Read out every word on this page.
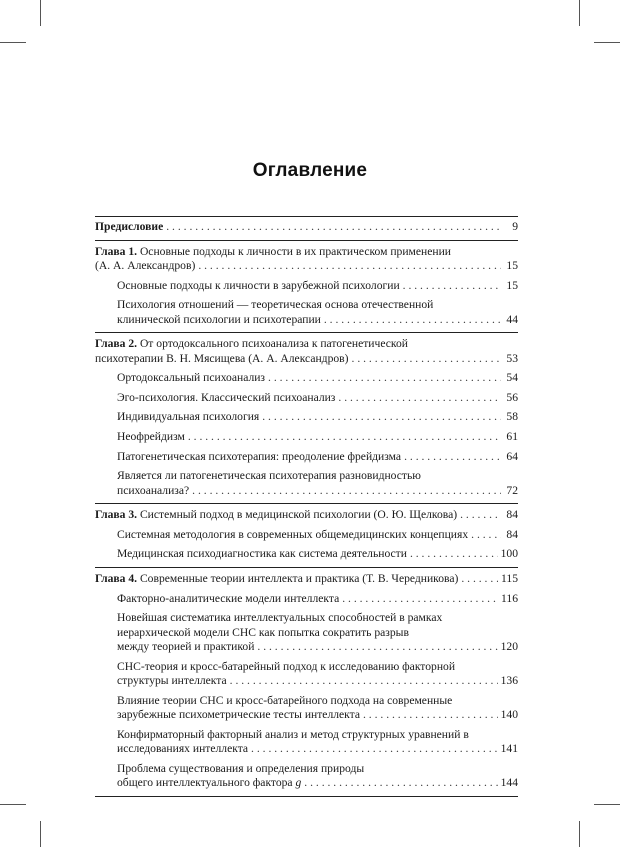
Оглавление
Предисловие . . .	9
Глава 1. Основные подходы к личности в их практическом применении
(А. А. Александров) . . .	15
Основные подходы к личности в зарубежной психологии . . .	15
Психология отношений — теоретическая основа отечественной
клинической психологии и психотерапии . . .	44
Глава 2. От ортодоксального психоанализа к патогенетической
психотерапии В. Н. Мясищева (А. А. Александров) . . .	53
Ортодоксальный психоанализ . . .	54
Эго-психология. Классический психоанализ . . .	56
Индивидуальная психология . . .	58
Неофрейдизм . . .	61
Патогенетическая психотерапия: преодоление фрейдизма . . .	64
Является ли патогенетическая психотерапия разновидностью
психоанализа? . . .	72
Глава 3. Системный подход в медицинской психологии (О. Ю. Щелкова) . . .	84
Системная методология в современных общемедицинских концепциях . . .	84
Медицинская психодиагностика как система деятельности . . .	100
Глава 4. Современные теории интеллекта и практика (Т. В. Чередникова) . . .	115
Факторно-аналитические модели интеллекта . . .	116
Новейшая систематика интеллектуальных способностей в рамках
иерархической модели СНС как попытка сократить разрыв
между теорией и практикой . . .	120
СНС-теория и кросс-батарейный подход к исследованию факторной
структуры интеллекта . . .	136
Влияние теории СНС и кросс-батарейного подхода на современные
зарубежные психометрические тесты интеллекта . . .	140
Конфирматорный факторный анализ и метод структурных уравнений в
исследованиях интеллекта . . .	141
Проблема существования и определения природы
общего интеллектуального фактора g . . .	144
